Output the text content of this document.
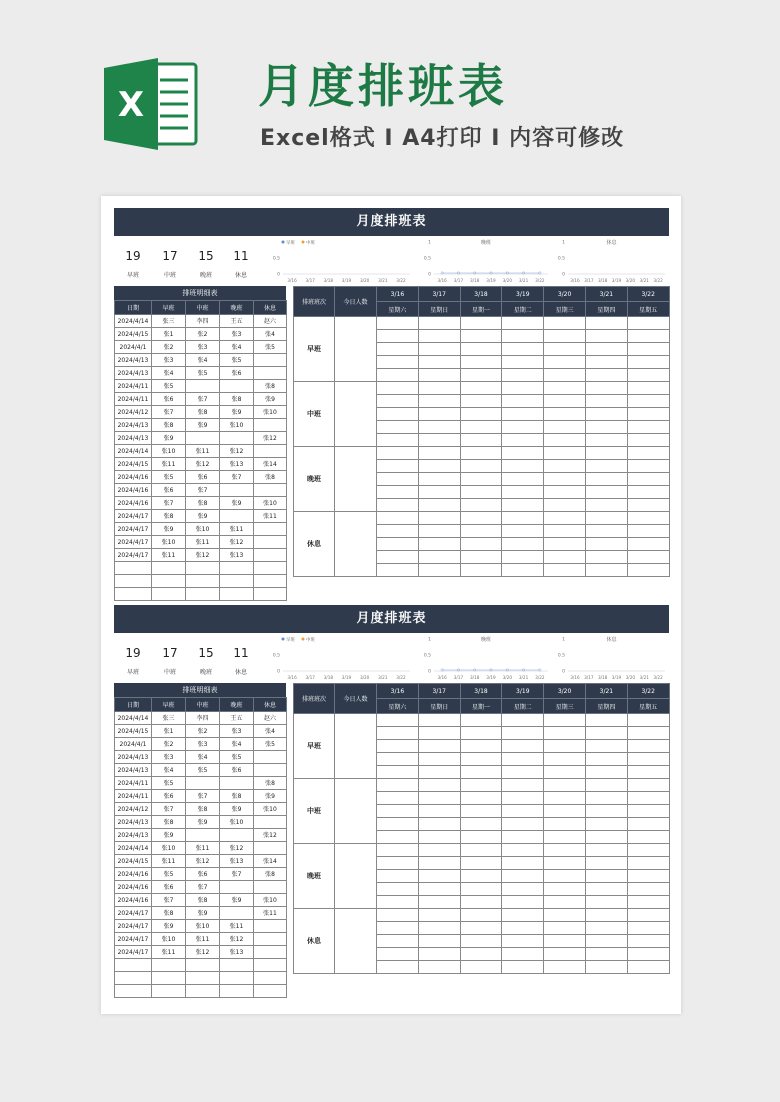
X 月度排班表
Excel格式 I A4打印 I 内容可修改
月度排班表
19
早班
17
中班
15
晚班
11
休息
早班 中班
0.5
0
3/16 3/17 3/18 3/19 3/20 3/21 3/22
晚班
1
0.5
0
3/16 3/17 3/18 3/19 3/20 3/21 3/22
休息
1
0.5
0
3/16 3/17 3/18 3/19 3/20 3/21 3/22
排班明细表
日期	早班	中班	晚班	休息
2024/4/14	张三	李四	王五	赵六
2024/4/15	张1	张2	张3	张4
2024/4/1	张2	张3	张4	张5
2024/4/13	张3	张4	张5	
2024/4/13	张4	张5	张6	
2024/4/11	张5			张8
2024/4/11	张6	张7	张8	张9
2024/4/12	张7	张8	张9	张10
2024/4/13	张8	张9	张10	
2024/4/13	张9			张12
2024/4/14	张10	张11	张12	
2024/4/15	张11	张12	张13	张14
2024/4/16	张5	张6	张7	张8
2024/4/16	张6	张7		
2024/4/16	张7	张8	张9	张10
2024/4/17	张8	张9		张11
2024/4/17	张9	张10	张11	
2024/4/17	张10	张11	张12	
2024/4/17	张11	张12	张13	

排班班次	今日人数	3/16	3/17	3/18	3/19	3/20	3/21	3/22
		星期六	星期日	星期一	星期二	星期三	星期四	星期五
早班								

中班								

晚班								

休息								

月度排班表
19
早班
17
中班
15
晚班
11
休息
早班 中班
0.5
0
3/16 3/17 3/18 3/19 3/20 3/21 3/22
晚班
1
0.5
0
3/16 3/17 3/18 3/19 3/20 3/21 3/22
休息
1
0.5
0
3/16 3/17 3/18 3/19 3/20 3/21 3/22
排班明细表
日期	早班	中班	晚班	休息
2024/4/14	张三	李四	王五	赵六
2024/4/15	张1	张2	张3	张4
2024/4/1	张2	张3	张4	张5
2024/4/13	张3	张4	张5	
2024/4/13	张4	张5	张6	
2024/4/11	张5			张8
2024/4/11	张6	张7	张8	张9
2024/4/12	张7	张8	张9	张10
2024/4/13	张8	张9	张10	
2024/4/13	张9			张12
2024/4/14	张10	张11	张12	
2024/4/15	张11	张12	张13	张14
2024/4/16	张5	张6	张7	张8
2024/4/16	张6	张7		
2024/4/16	张7	张8	张9	张10
2024/4/17	张8	张9		张11
2024/4/17	张9	张10	张11	
2024/4/17	张10	张11	张12	
2024/4/17	张11	张12	张13	

排班班次	今日人数	3/16	3/17	3/18	3/19	3/20	3/21	3/22
		星期六	星期日	星期一	星期二	星期三	星期四	星期五
早班								

中班								

晚班								

休息								
